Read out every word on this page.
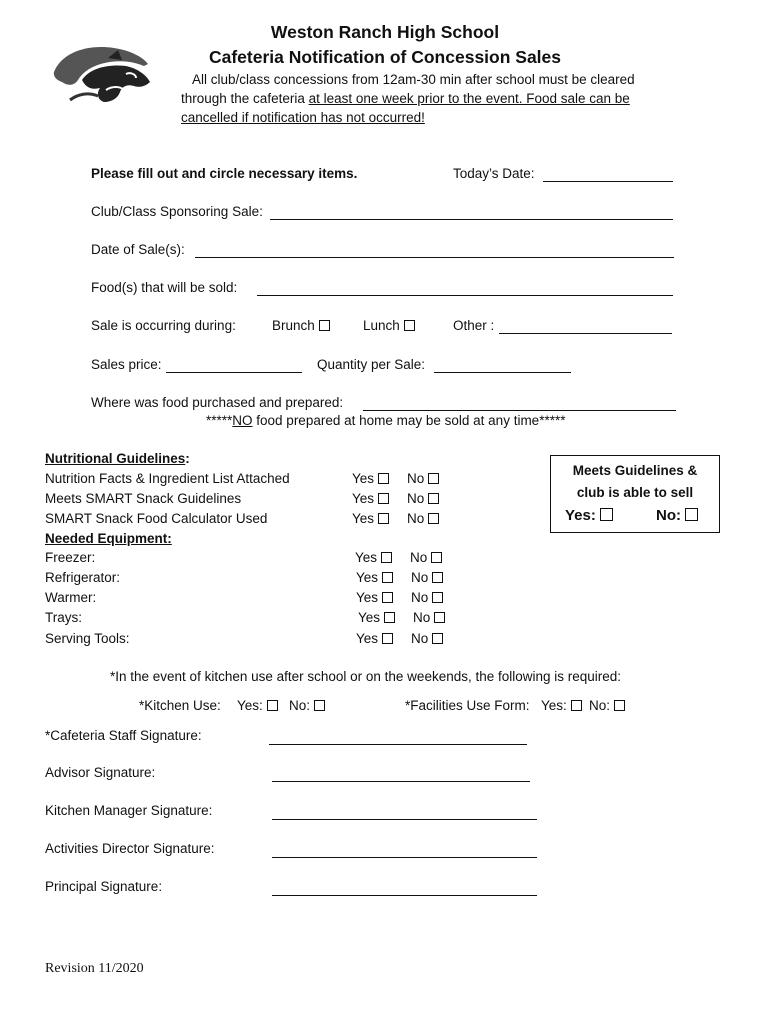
Weston Ranch High School
Cafeteria Notification of Concession Sales
All club/class concessions from 12am-30 min after school must be cleared
through the cafeteria at least one week prior to the event. Food sale can be
cancelled if notification has not occurred!
Please fill out and circle necessary items.	Today’s Date:
Club/Class Sponsoring Sale:
Date of Sale(s):
Food(s) that will be sold:
Sale is occurring during:	Brunch	Lunch	Other :
Sales price:	Quantity per Sale:
Where was food purchased and prepared:
*****NO food prepared at home may be sold at any time*****
Nutritional Guidelines:
Nutrition Facts & Ingredient List Attached	Yes	No
Meets SMART Snack Guidelines	Yes	No
SMART Snack Food Calculator Used	Yes	No
Needed Equipment:
Freezer:	Yes	No
Refrigerator:	Yes	No
Warmer:	Yes	No
Trays:	Yes	No
Serving Tools:	Yes	No
Meets Guidelines &
club is able to sell
Yes:	No:
*In the event of kitchen use after school or on the weekends, the following is required:
*Kitchen Use: Yes:	No:	*Facilities Use Form: Yes:	No:
*Cafeteria Staff Signature:
Advisor Signature:
Kitchen Manager Signature:
Activities Director Signature:
Principal Signature:
Revision 11/2020
